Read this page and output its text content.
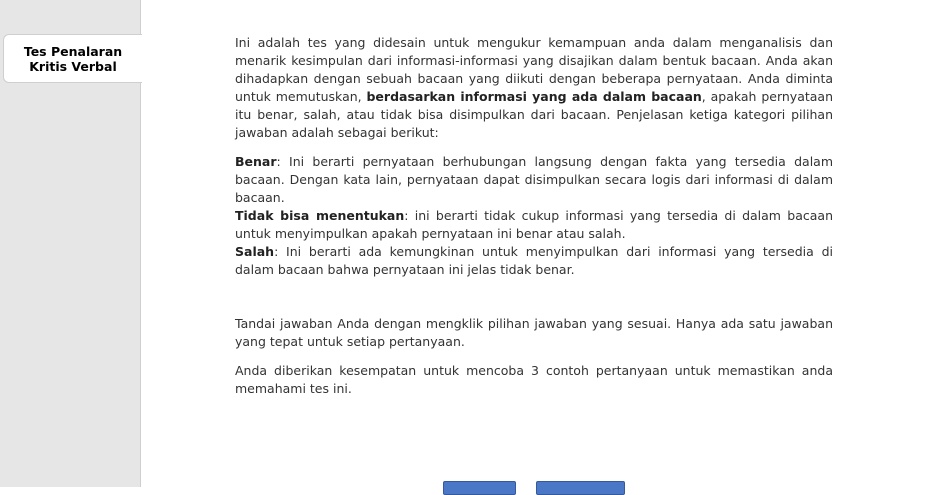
Tes Penalaran
Kritis Verbal

Ini adalah tes yang didesain untuk mengukur kemampuan anda dalam menganalisis dan menarik kesimpulan dari informasi-informasi yang disajikan dalam bentuk bacaan. Anda akan dihadapkan dengan sebuah bacaan yang diikuti dengan beberapa pernyataan. Anda diminta untuk memutuskan, berdasarkan informasi yang ada dalam bacaan, apakah pernyataan itu benar, salah, atau tidak bisa disimpulkan dari bacaan. Penjelasan ketiga kategori pilihan jawaban adalah sebagai berikut:

Benar: Ini berarti pernyataan berhubungan langsung dengan fakta yang tersedia dalam bacaan. Dengan kata lain, pernyataan dapat disimpulkan secara logis dari informasi di dalam bacaan.

Tidak bisa menentukan: ini berarti tidak cukup informasi yang tersedia di dalam bacaan untuk menyimpulkan apakah pernyataan ini benar atau salah.

Salah: Ini berarti ada kemungkinan untuk menyimpulkan dari informasi yang tersedia di dalam bacaan bahwa pernyataan ini jelas tidak benar.

Tandai jawaban Anda dengan mengklik pilihan jawaban yang sesuai. Hanya ada satu jawaban yang tepat untuk setiap pertanyaan.

Anda diberikan kesempatan untuk mencoba 3 contoh pertanyaan untuk memastikan anda memahami tes ini.
